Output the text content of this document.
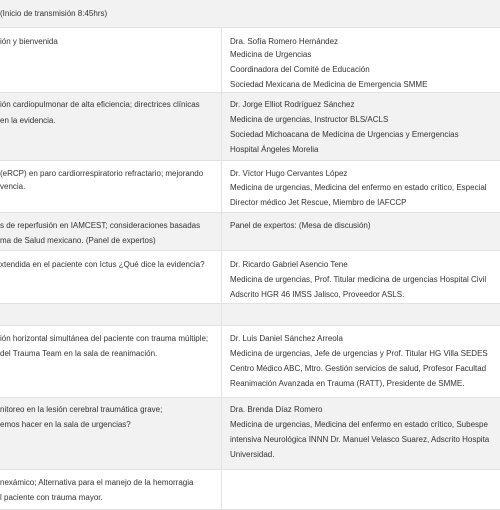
(Inicio de transmisión 8:45hrs)
ión y bienvenida	Dra. Sofía Romero Hernández
Medicina de Urgencias
Coordinadora del Comité de Educación
Sociedad Mexicana de Medicina de Emergencia SMME
ión cardiopulmonar de alta eficiencia; directrices clínicas
en la evidencia.
Dr. Jorge Elliot Rodríguez Sánchez
Medicina de urgencias, Instructor BLS/ACLS
Sociedad Michoacana de Medicina de Urgencias y Emergencias
Hospital Ángeles Morelia
(eRCP) en paro cardiorrespiratorio refractario; mejorando
vencia.
Dr. Víctor Hugo Cervantes López
Medicina de urgencias, Medicina del enfermo en estado crítico, Especial
Director médico Jet Rescue, Miembro de IAFCCP
s de reperfusión en IAMCEST; consideraciones basadas
ma de Salud mexicano. (Panel de expertos)
Panel de expertos: (Mesa de discusión)
xtendida en el paciente con Ictus ¿Qué dice la evidencia?	Dr. Ricardo Gabriel Asencio Tene
Medicina de urgencias, Prof. Titular medicina de urgencias Hospital Civil
Adscrito HGR 46 IMSS Jalisco, Proveedor ASLS.
ión horizontal simultánea del paciente con trauma múltiple;
del Trauma Team en la sala de reanimación.
Dr. Luis Daniel Sánchez Arreola
Medicina de urgencias, Jefe de urgencias y Prof. Titular HG Villa SEDES
Centro Médico ABC, Mtro. Gestión servicios de salud, Profesor Facultad
Reanimación Avanzada en Trauma (RATT), Presidente de SMME.
nitoreo en la lesión cerebral traumática grave;
emos hacer en la sala de urgencias?
Dra. Brenda Díaz Romero
Medicina de urgencias, Medicina del enfermo en estado crítico, Subespe
intensiva Neurológica INNN Dr. Manuel Velasco Suarez, Adscrito Hospita
Universidad.
nexámico; Alternativa para el manejo de la hemorragia
l paciente con trauma mayor.
